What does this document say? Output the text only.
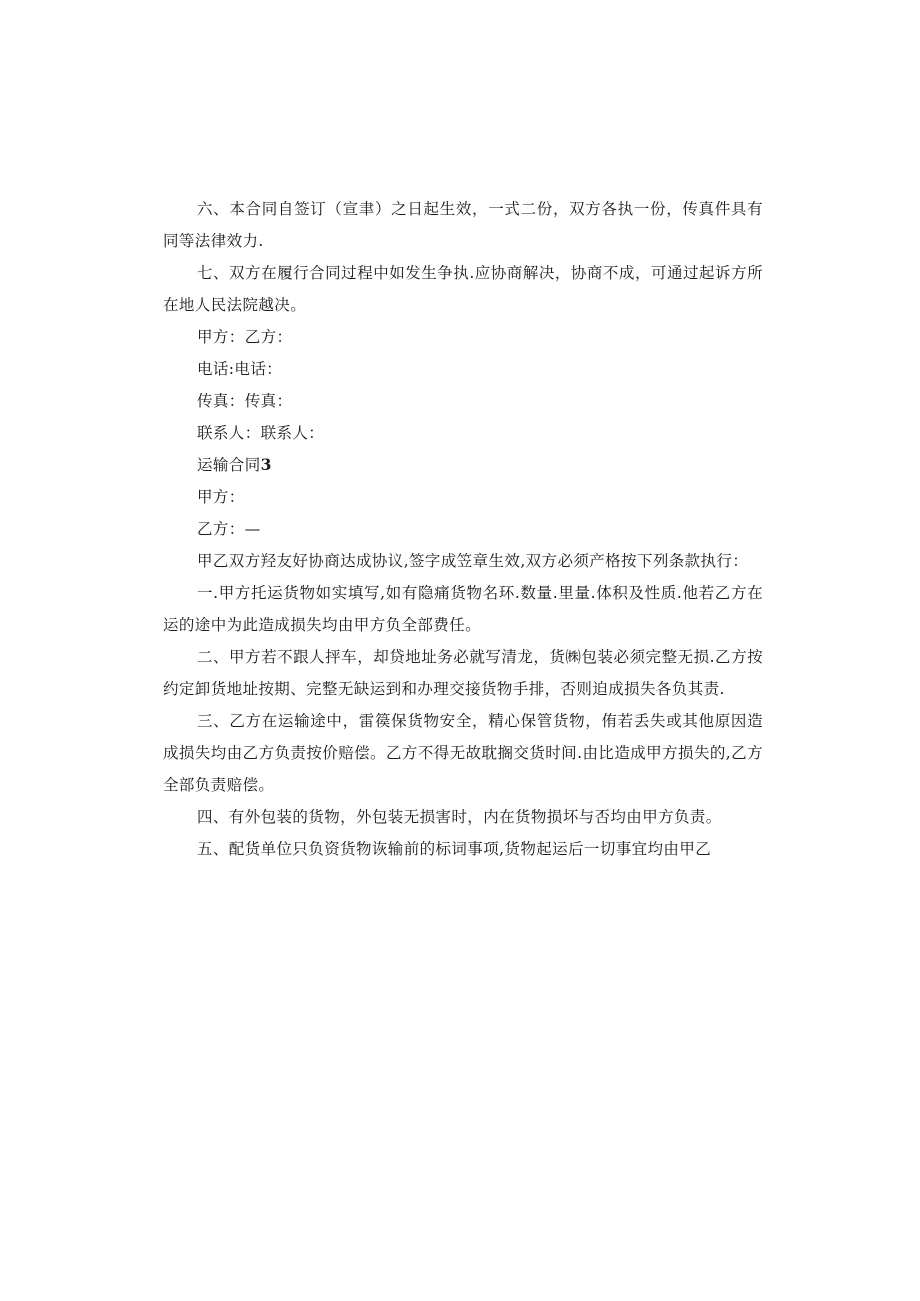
六、本合同自签订（宣聿）之日起生效，一式二份，双方各执一份，传真件具有同等法律效力.

七、双方在履行合同过程中如发生争执.应协商解决，协商不成，可通过起诉方所在地人民法院越决。

甲方：乙方：

电话:电话：

传真：传真：

联系人：联系人：

运输合同3

甲方：

乙方：—

甲乙双方羟友好协商达成协议,签字成笠章生效,双方必须产格按下列条款执行：

一.甲方托运货物如实填写,如有隐痛货物名环.数量.里量.体积及性质.他若乙方在运的途中为此造成损失均由甲方负全部费任。

二、甲方若不跟人抨车，却贷地址务必就写清龙，货㈱包装必须完整无损.乙方按约定卸货地址按期、完整无缺运到和办理交接货物手排，否则迫成损失各负其责.

三、乙方在运输途中，雷篌保货物安全，精心保管货物，侑若丢失或其他原因造成损失均由乙方负责按价赔偿。乙方不得无故耽搁交货时间.由比造成甲方损失的,乙方全部负责赔偿。

四、有外包装的货物，外包装无损害时，内在货物损坏与否均由甲方负责。

五、配货单位只负资货物诙输前的标词事项,货物起运后一切事宜均由甲乙
